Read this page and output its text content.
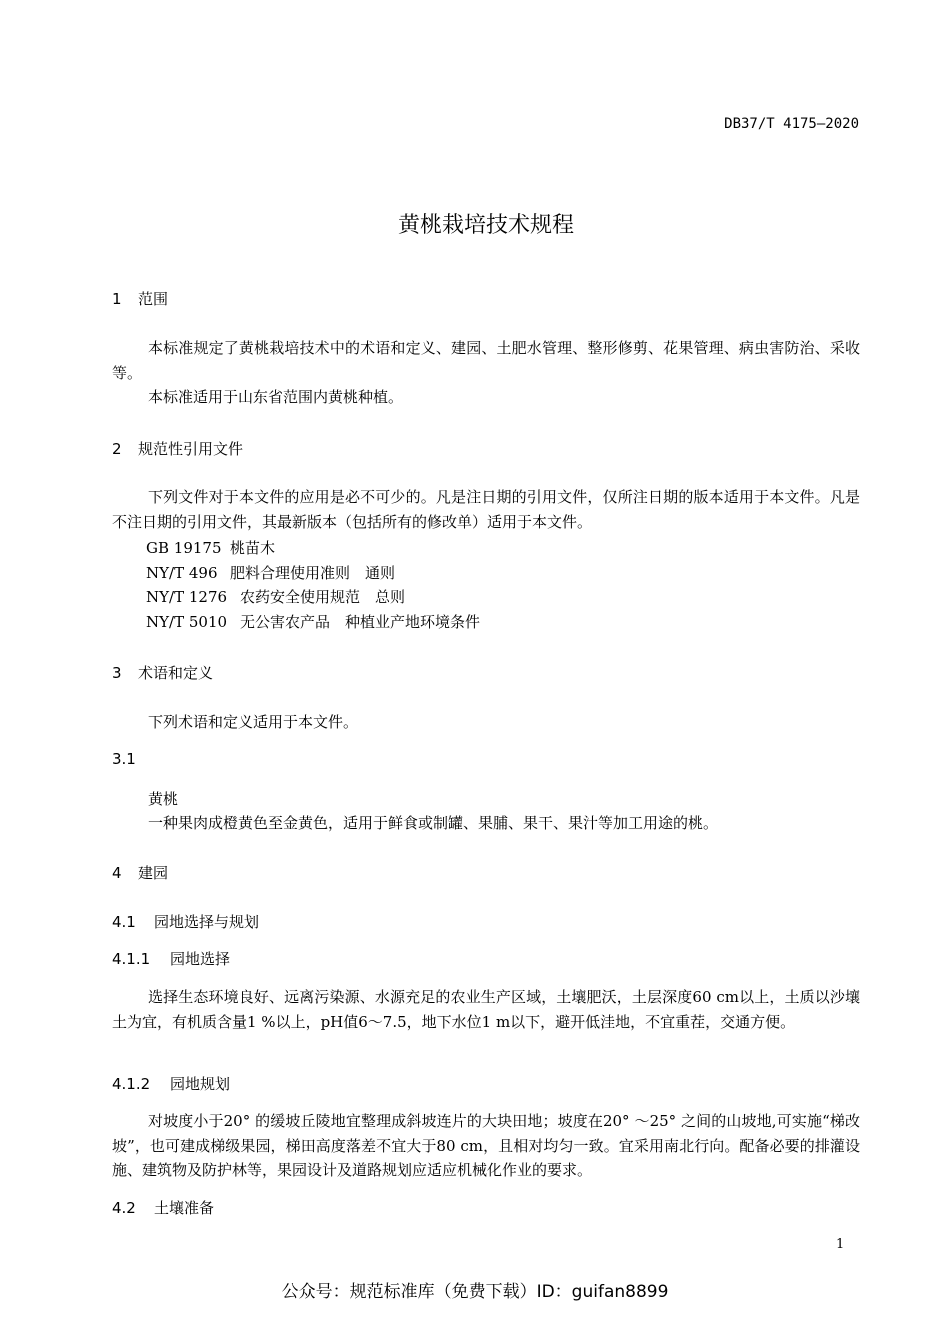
DB37/T 4175—2020
黄桃栽培技术规程
1 范围

本标准规定了黄桃栽培技术中的术语和定义、建园、土肥水管理、整形修剪、花果管理、病虫害防治、采收等。

本标准适用于山东省范围内黄桃种植。

2 规范性引用文件

下列文件对于本文件的应用是必不可少的。凡是注日期的引用文件，仅所注日期的版本适用于本文件。凡是不注日期的引用文件，其最新版本（包括所有的修改单）适用于本文件。

GB 19175 桃苗木
NY/T 496 肥料合理使用准则　通则
NY/T 1276 农药安全使用规范　总则
NY/T 5010 无公害农产品　种植业产地环境条件
3 术语和定义

下列术语和定义适用于本文件。

3.1
黄桃
一种果肉成橙黄色至金黄色，适用于鲜食或制罐、果脯、果干、果汁等加工用途的桃。
4 建园
4.1 园地选择与规划
4.1.1 园地选择

选择生态环境良好、远离污染源、水源充足的农业生产区域，土壤肥沃，土层深度60 cm以上，土质以沙壤土为宜，有机质含量1 %以上，pH值6～7.5，地下水位1 m以下，避开低洼地，不宜重茬，交通方便。

4.1.2 园地规划

对坡度小于20° 的缓坡丘陵地宜整理成斜坡连片的大块田地；坡度在20° ～25° 之间的山坡地,可实施“梯改坡”，也可建成梯级果园，梯田高度落差不宜大于80 cm，且相对均匀一致。宜采用南北行向。配备必要的排灌设施、建筑物及防护林等，果园设计及道路规划应适应机械化作业的要求。

4.2 土壤准备
1
公众号：规范标准库（免费下载）ID：guifan8899
